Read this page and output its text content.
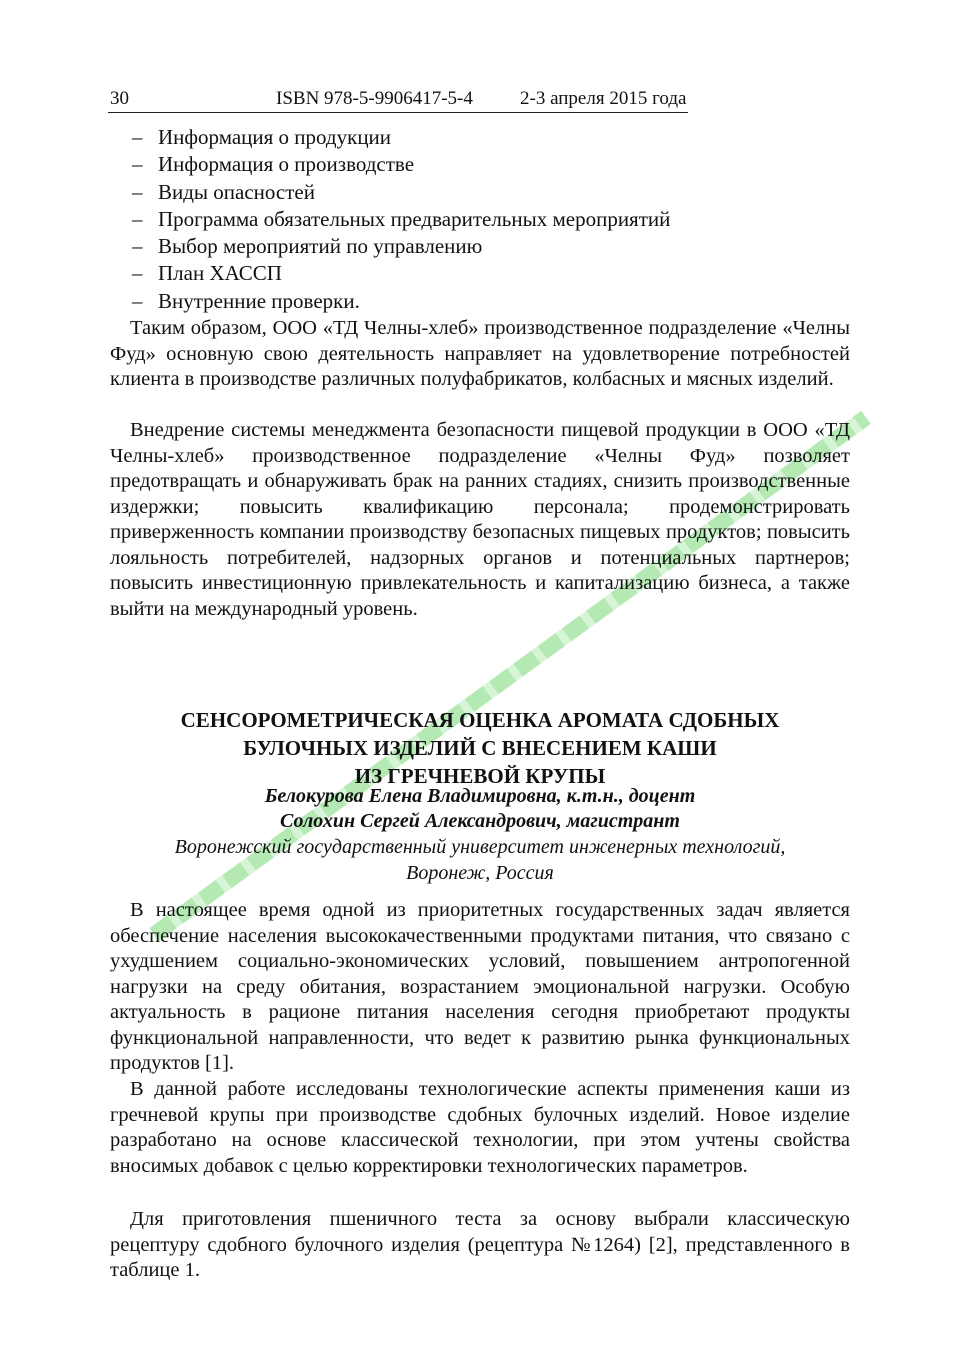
30	ISBN 978-5-9906417-5-4 2-3 апреля 2015 года
– Информация о продукции
– Информация о производстве
– Виды опасностей
– Программа обязательных предварительных мероприятий
– Выбор мероприятий по управлению
– План ХАССП
– Внутренние проверки.

Таким образом, ООО «ТД Челны-хлеб» производственное подразделение «Челны Фуд» основную свою деятельность направляет на удовлетворение потребностей клиента в производстве различных полуфабрикатов, колбасных и мясных изделий.

Внедрение системы менеджмента безопасности пищевой продукции в ООО «ТД Челны-хлеб» производственное подразделение «Челны Фуд» позволяет предотвращать и обнаруживать брак на ранних стадиях, снизить производственные издержки; повысить квалификацию персонала; продемонстрировать приверженность компании производству безопасных пищевых продуктов; повысить лояльность потребителей, надзорных органов и потенциальных партнеров; повысить инвестиционную привлекательность и капитализацию бизнеса, а также выйти на международный уровень.

СЕНСОРОМЕТРИЧЕСКАЯ ОЦЕНКА АРОМАТА СДОБНЫХ
БУЛОЧНЫХ ИЗДЕЛИЙ С ВНЕСЕНИЕМ КАШИ
ИЗ ГРЕЧНЕВОЙ КРУПЫ
Белокурова Елена Владимировна, к.т.н., доцент
Солохин Сергей Александрович, магистрант
Воронежский государственный университет инженерных технологий,
Воронеж, Россия

В настоящее время одной из приоритетных государственных задач является обеспечение населения высококачественными продуктами питания, что связано с ухудшением социально-экономических условий, повышением антропогенной нагрузки на среду обитания, возрастанием эмоциональной нагрузки. Особую актуальность в рационе питания населения сегодня приобретают продукты функциональной направленности, что ведет к развитию рынка функциональных продуктов [1].

В данной работе исследованы технологические аспекты применения каши из гречневой крупы при производстве сдобных булочных изделий. Новое изделие разработано на основе классической технологии, при этом учтены свойства вносимых добавок с целью корректировки технологических параметров.

Для приготовления пшеничного теста за основу выбрали классическую рецептуру сдобного булочного изделия (рецептура №1264) [2], представленного в таблице 1.
